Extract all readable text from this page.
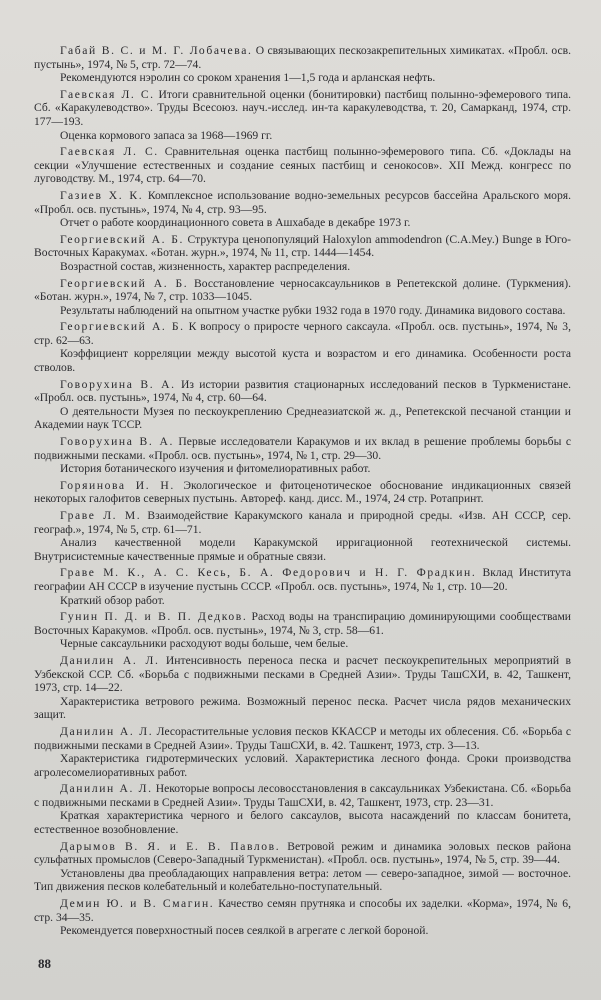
Габай В. С. и М. Г. Лобачева. О связывающих пескозакрепительных химикатах. «Пробл. осв. пустынь», 1974, № 5, стр. 72—74.

Рекомендуются нэролин со сроком хранения 1—1,5 года и арланская нефть.

Гаевская Л. С. Итоги сравнительной оценки (бонитировки) пастбищ полынно-эфемерового типа. Сб. «Каракулеводство». Труды Всесоюз. науч.-исслед. ин-та каракулеводства, т. 20, Самарканд, 1974, стр. 177—193.

Оценка кормового запаса за 1968—1969 гг.

Гаевская Л. С. Сравнительная оценка пастбищ полынно-эфемерового типа. Сб. «Доклады на секции «Улучшение естественных и создание сеяных пастбищ и сенокосов». XII Межд. конгресс по луговодству. М., 1974, стр. 64—70.

Газиев Х. К. Комплексное использование водно-земельных ресурсов бассейна Аральского моря. «Пробл. осв. пустынь», 1974, № 4, стр. 93—95.

Отчет о работе координационного совета в Ашхабаде в декабре 1973 г.

Георгиевский А. Б. Структура ценопопуляций Haloxylon ammodendron (С.А.Mey.) Bunge в Юго-Восточных Каракумах. «Ботан. журн.», 1974, № 11, стр. 1444—1454.

Возрастной состав, жизненность, характер распределения.

Георгиевский А. Б. Восстановление черносаксаульников в Репетекской долине. (Туркмения). «Ботан. журн.», 1974, № 7, стр. 1033—1045.

Результаты наблюдений на опытном участке рубки 1932 года в 1970 году. Динамика видового состава.

Георгиевский А. Б. К вопросу о приросте черного саксаула. «Пробл. осв. пустынь», 1974, № 3, стр. 62—63.

Коэффициент корреляции между высотой куста и возрастом и его динамика. Особенности роста стволов.

Говорухина В. А. Из истории развития стационарных исследований песков в Туркменистане. «Пробл. осв. пустынь», 1974, № 4, стр. 60—64.

О деятельности Музея по пескоукреплению Среднеазиатской ж. д., Репетекской песчаной станции и Академии наук ТССР.

Говорухина В. А. Первые исследователи Каракумов и их вклад в решение проблемы борьбы с подвижными песками. «Пробл. осв. пустынь», 1974, № 1, стр. 29—30.

История ботанического изучения и фитомелиоративных работ.

Горяинова И. Н. Экологическое и фитоценотическое обоснование индикационных связей некоторых галофитов северных пустынь. Автореф. канд. дисс. М., 1974, 24 стр. Ротапринт.

Граве Л. М. Взаимодействие Каракумского канала и природной среды. «Изв. АН СССР, сер. географ.», 1974, № 5, стр. 61—71.

Анализ качественной модели Каракумской ирригационной геотехнической системы. Внутрисистемные качественные прямые и обратные связи.

Граве М. К., А. С. Кесь, Б. А. Федорович и Н. Г. Фрадкин. Вклад Института географии АН СССР в изучение пустынь СССР. «Пробл. осв. пустынь», 1974, № 1, стр. 10—20.

Краткий обзор работ.

Гунин П. Д. и В. П. Дедков. Расход воды на транспирацию доминирующими сообществами Восточных Каракумов. «Пробл. осв. пустынь», 1974, № 3, стр. 58—61.

Черные саксаульники расходуют воды больше, чем белые.

Данилин А. Л. Интенсивность переноса песка и расчет пескоукрепительных мероприятий в Узбекской ССР. Сб. «Борьба с подвижными песками в Средней Азии». Труды ТашСХИ, в. 42, Ташкент, 1973, стр. 14—22.

Характеристика ветрового режима. Возможный перенос песка. Расчет числа рядов механических защит.

Данилин А. Л. Лесорастительные условия песков ККАССР и методы их облесения. Сб. «Борьба с подвижными песками в Средней Азии». Труды ТашСХИ, в. 42. Ташкент, 1973, стр. 3—13.

Характеристика гидротермических условий. Характеристика лесного фонда. Сроки производства агролесомелиоративных работ.

Данилин А. Л. Некоторые вопросы лесовосстановления в саксаульниках Узбекистана. Сб. «Борьба с подвижными песками в Средней Азии». Труды ТашСХИ, в. 42, Ташкент, 1973, стр. 23—31.

Краткая характеристика черного и белого саксаулов, высота насаждений по классам бонитета, естественное возобновление.

Дарымов В. Я. и Е. В. Павлов. Ветровой режим и динамика эоловых песков района сульфатных промыслов (Северо-Западный Туркменистан). «Пробл. осв. пустынь», 1974, № 5, стр. 39—44.

Установлены два преобладающих направления ветра: летом — северо-западное, зимой — восточное. Тип движения песков колебательный и колебательно-поступательный.

Демин Ю. и В. Смагин. Качество семян прутняка и способы их заделки. «Корма», 1974, № 6, стр. 34—35.

Рекомендуется поверхностный посев сеялкой в агрегате с легкой бороной.

88
